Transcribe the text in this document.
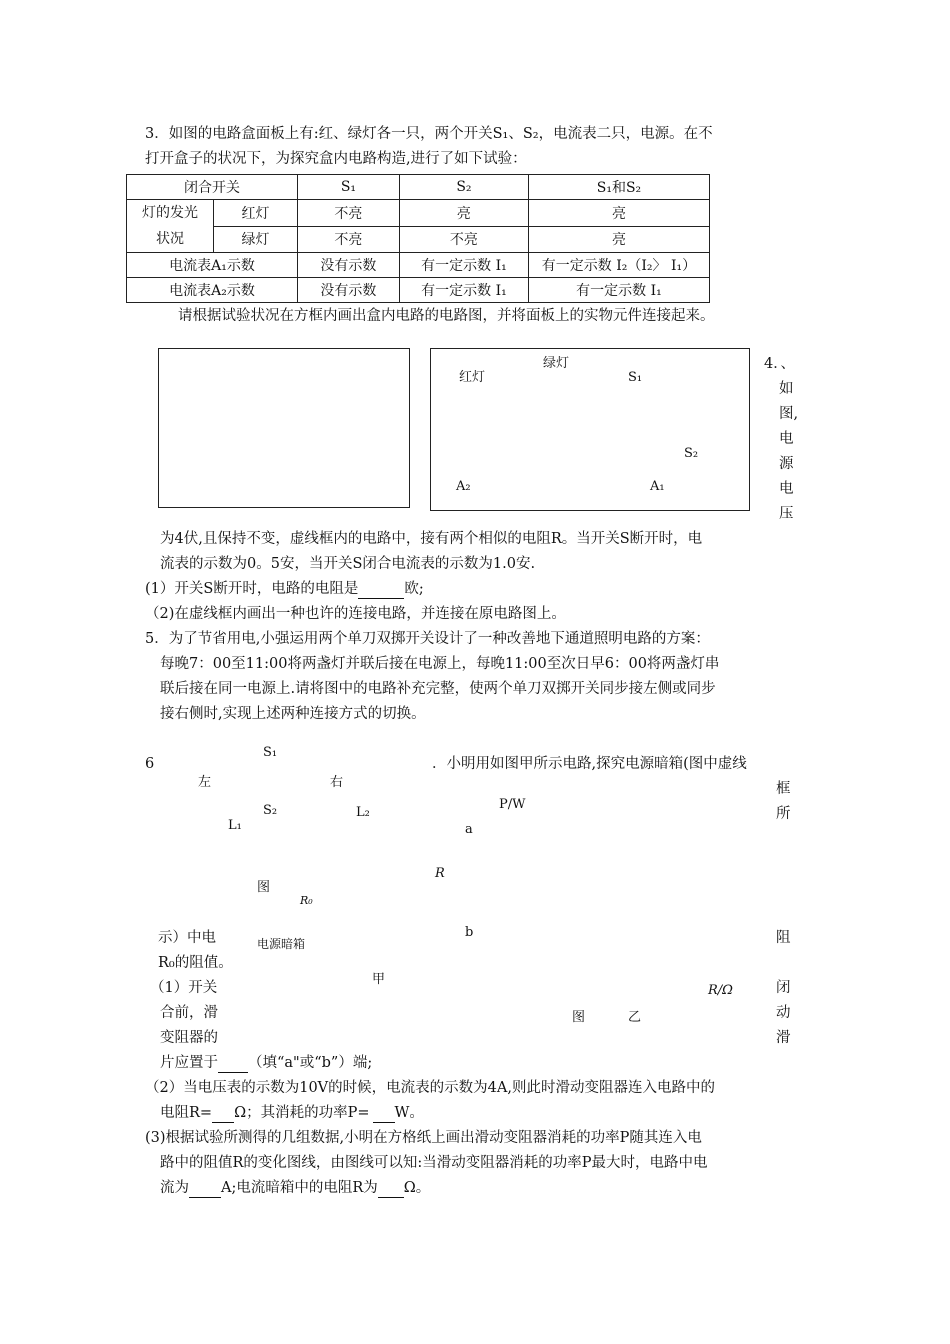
3．如图的电路盒面板上有:红、绿灯各一只，两个开关S₁、S₂，电流表二只，电源。在不
打开盒子的状况下，为探究盒内电路构造,进行了如下试验：
闭合开关		S₁	S₂	S₁和S₂
灯的发光
状况	红灯	不亮	亮	亮
	绿灯	不亮	不亮	亮
电流表A₁示数		没有示数	有一定示数 I₁	有一定示数 I₂（I₂〉 I₁）
电流表A₂示数		没有示数	有一定示数 I₁	有一定示数 I₁
请根据试验状况在方框内画出盒内电路的电路图，并将面板上的实物元件连接起来。
红灯
绿灯
S₁
S₂
A₂	A₁
4．、
如
图,
电
源
电
压
为4伏,且保持不变，虚线框内的电路中，接有两个相似的电阻R。当开关S断开时，电
流表的示数为0。5安，当开关S闭合电流表的示数为1.0安.
(1）开关S断开时，电路的电阻是	欧;
（2)在虚线框内画出一种也许的连接电路，并连接在原电路图上。
5．为了节省用电,小强运用两个单刀双掷开关设计了一种改善地下通道照明电路的方案：
每晚7：00至11:00将两盏灯并联后接在电源上，每晚11:00至次日早6：00将两盏灯串
联后接在同一电源上.请将图中的电路补充完整，使两个单刀双掷开关同步接左侧或同步
接右侧时,实现上述两种连接方式的切换。
S₁
左	右
S₂
L₁
L₂
6	．小明用如图甲所示电路,探究电源暗箱(图中虚线
框
所
P/W
a
R
图
R₀
b
示）中电	电源暗箱	阻
R₀的阻值。
甲
（1）开关
合前，滑
变阻器的
R/Ω
图	乙
闭
动
滑
片应置于 （填“a"或“b”）端;
（2）当电压表的示数为10V的时候，电流表的示数为4A,则此时滑动变阻器连入电路中的
电阻R= Ω；其消耗的功率P= W。
(3)根据试验所测得的几组数据,小明在方格纸上画出滑动变阻器消耗的功率P随其连入电
路中的阻值R的变化图线，由图线可以知:当滑动变阻器消耗的功率P最大时，电路中电
流为 A;电流暗箱中的电阻R为 Ω。
